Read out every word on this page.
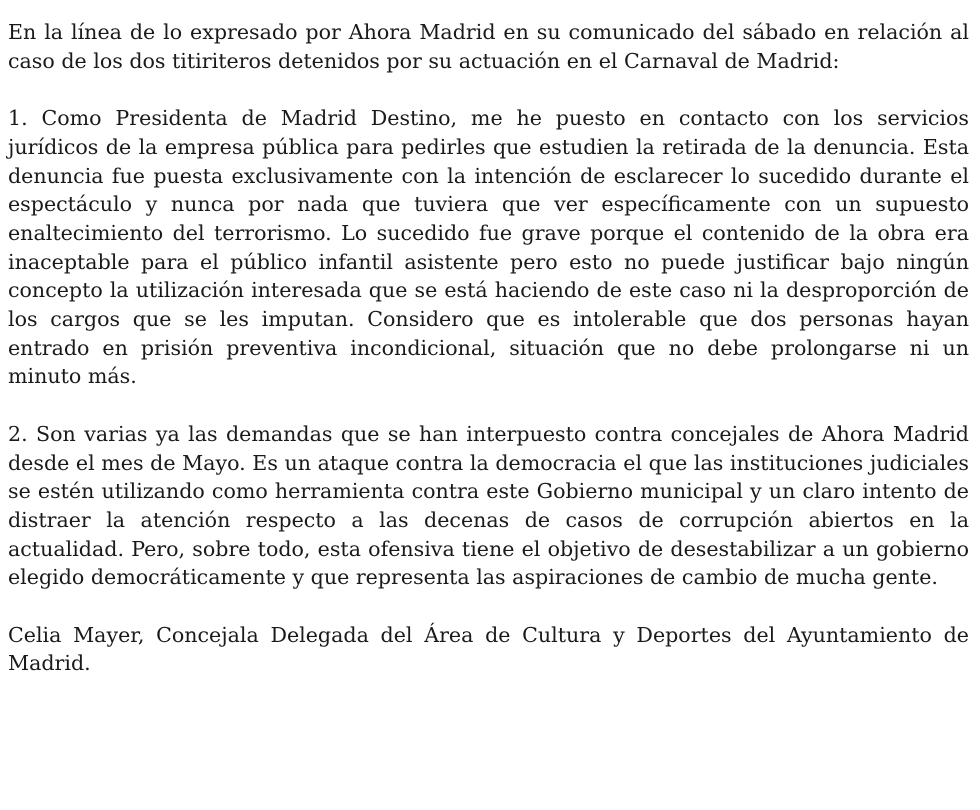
En la línea de lo expresado por Ahora Madrid en su comunicado del sábado en relación al caso de los dos titiriteros detenidos por su actuación en el Carnaval de Madrid:

1. Como Presidenta de Madrid Destino, me he puesto en contacto con los servicios jurídicos de la empresa pública para pedirles que estudien la retirada de la denuncia. Esta denuncia fue puesta exclusivamente con la intención de esclarecer lo sucedido durante el espectáculo y nunca por nada que tuviera que ver específicamente con un supuesto enaltecimiento del terrorismo. Lo sucedido fue grave porque el contenido de la obra era inaceptable para el público infantil asistente pero esto no puede justificar bajo ningún concepto la utilización interesada que se está haciendo de este caso ni la desproporción de los cargos que se les imputan. Considero que es intolerable que dos personas hayan entrado en prisión preventiva incondicional, situación que no debe prolongarse ni un minuto más.

2. Son varias ya las demandas que se han interpuesto contra concejales de Ahora Madrid desde el mes de Mayo. Es un ataque contra la democracia el que las instituciones judiciales se estén utilizando como herramienta contra este Gobierno municipal y un claro intento de distraer la atención respecto a las decenas de casos de corrupción abiertos en la actualidad. Pero, sobre todo, esta ofensiva tiene el objetivo de desestabilizar a un gobierno elegido democráticamente y que representa las aspiraciones de cambio de mucha gente.

Celia Mayer, Concejala Delegada del Área de Cultura y Deportes del Ayuntamiento de Madrid.
